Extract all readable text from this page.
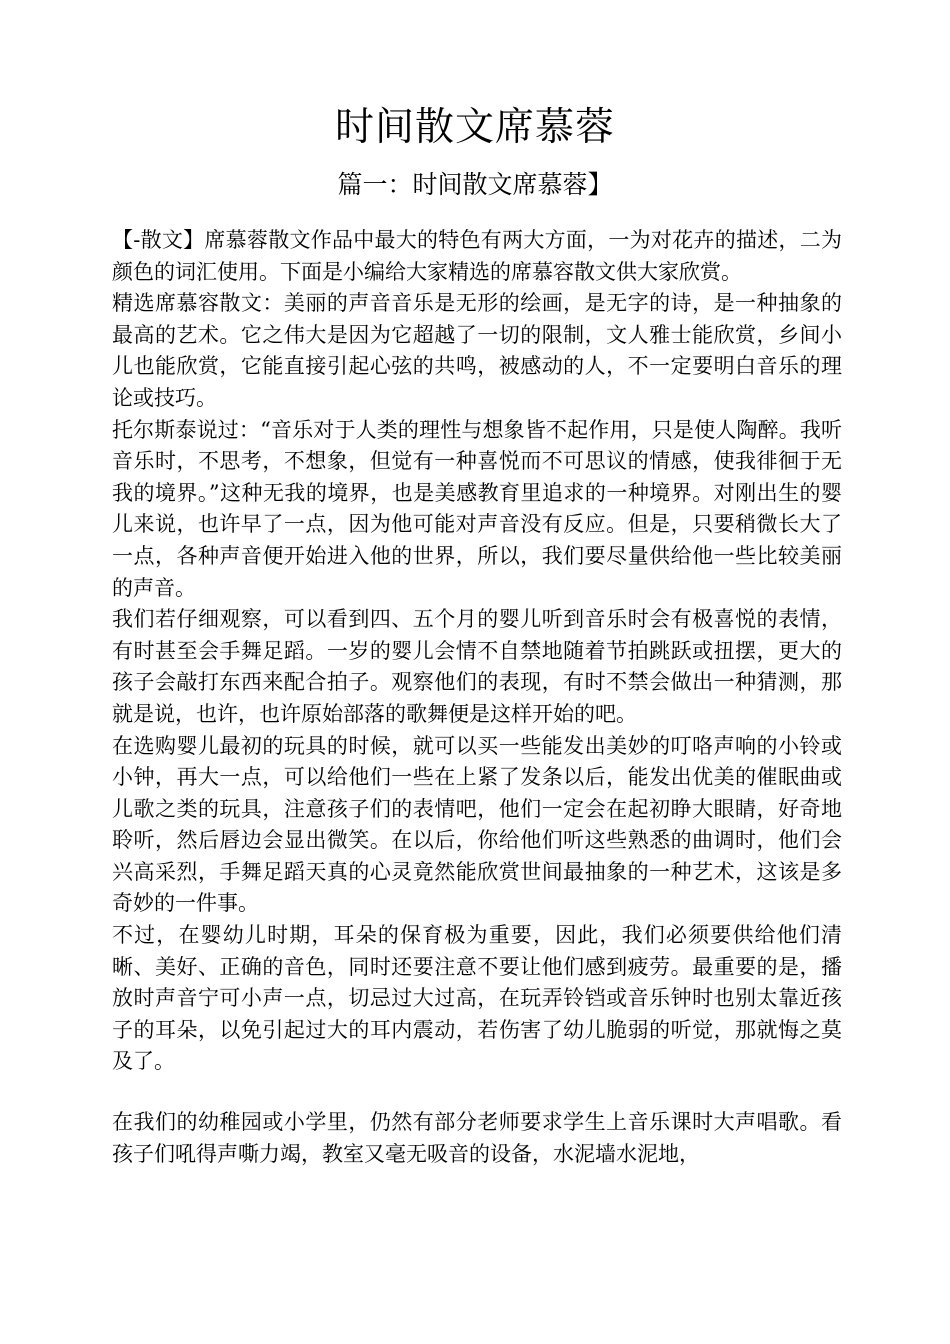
时间散文席慕蓉
篇一：时间散文席慕蓉】

【-散文】席慕蓉散文作品中最大的特色有两大方面，一为对花卉的描述，二为颜色的词汇使用。下面是小编给大家精选的席慕容散文供大家欣赏。

精选席慕容散文：美丽的声音音乐是无形的绘画，是无字的诗，是一种抽象的最高的艺术。它之伟大是因为它超越了一切的限制，文人雅士能欣赏，乡间小儿也能欣赏，它能直接引起心弦的共鸣，被感动的人，不一定要明白音乐的理论或技巧。

托尔斯泰说过：“音乐对于人类的理性与想象皆不起作用，只是使人陶醉。我听音乐时，不思考，不想象，但觉有一种喜悦而不可思议的情感，使我徘徊于无我的境界。”这种无我的境界，也是美感教育里追求的一种境界。对刚出生的婴儿来说，也许早了一点，因为他可能对声音没有反应。但是，只要稍微长大了一点，各种声音便开始进入他的世界，所以，我们要尽量供给他一些比较美丽的声音。

我们若仔细观察，可以看到四、五个月的婴儿听到音乐时会有极喜悦的表情，有时甚至会手舞足蹈。一岁的婴儿会情不自禁地随着节拍跳跃或扭摆，更大的孩子会敲打东西来配合拍子。观察他们的表现，有时不禁会做出一种猜测，那就是说，也许，也许原始部落的歌舞便是这样开始的吧。

在选购婴儿最初的玩具的时候，就可以买一些能发出美妙的叮咯声响的小铃或小钟，再大一点，可以给他们一些在上紧了发条以后，能发出优美的催眠曲或儿歌之类的玩具，注意孩子们的表情吧，他们一定会在起初睁大眼睛，好奇地聆听，然后唇边会显出微笑。在以后，你给他们听这些熟悉的曲调时，他们会兴高采烈，手舞足蹈天真的心灵竟然能欣赏世间最抽象的一种艺术，这该是多奇妙的一件事。

不过，在婴幼儿时期，耳朵的保育极为重要，因此，我们必须要供给他们清晰、美好、正确的音色，同时还要注意不要让他们感到疲劳。最重要的是，播放时声音宁可小声一点，切忌过大过高，在玩弄铃铛或音乐钟时也别太靠近孩子的耳朵，以免引起过大的耳内震动，若伤害了幼儿脆弱的听觉，那就悔之莫及了。

在我们的幼稚园或小学里，仍然有部分老师要求学生上音乐课时大声唱歌。看孩子们吼得声嘶力竭，教室又毫无吸音的设备，水泥墙水泥地，
